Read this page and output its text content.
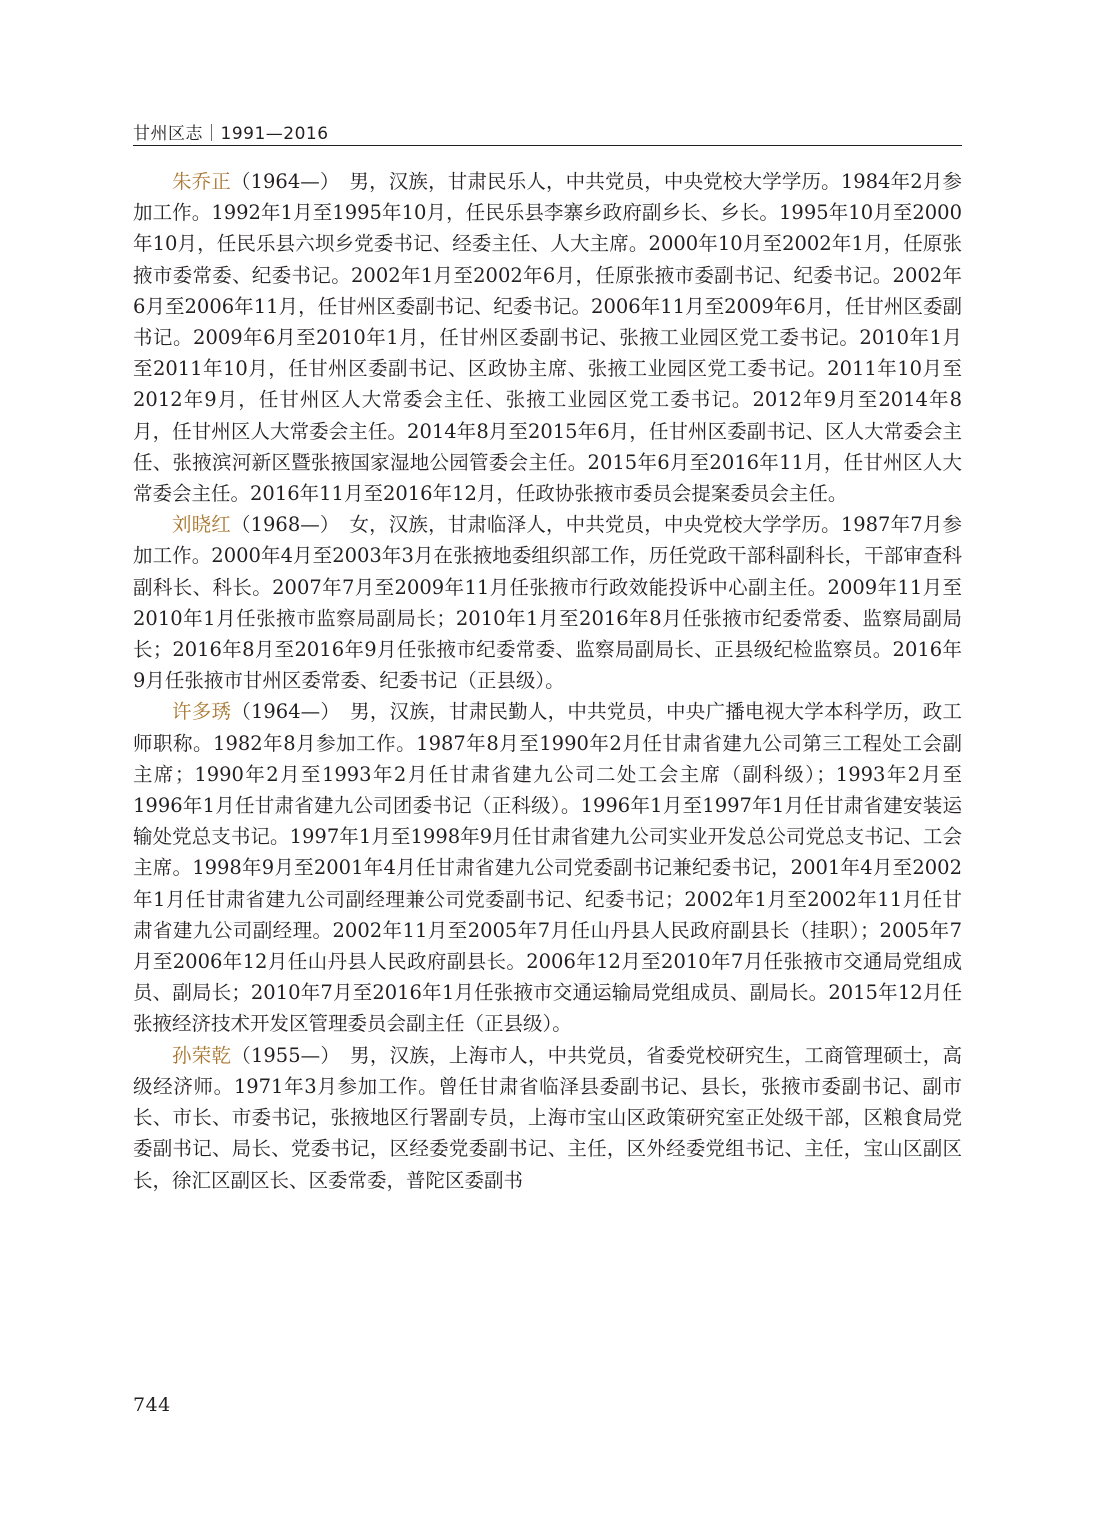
甘州区志｜1991—2016

朱乔正（1964—）　男，汉族，甘肃民乐人，中共党员，中央党校大学学历。1984年2月参加工作。1992年1月至1995年10月，任民乐县李寨乡政府副乡长、乡长。1995年10月至2000年10月，任民乐县六坝乡党委书记、经委主任、人大主席。2000年10月至2002年1月，任原张掖市委常委、纪委书记。2002年1月至2002年6月，任原张掖市委副书记、纪委书记。2002年6月至2006年11月，任甘州区委副书记、纪委书记。2006年11月至2009年6月，任甘州区委副书记。2009年6月至2010年1月，任甘州区委副书记、张掖工业园区党工委书记。2010年1月至2011年10月，任甘州区委副书记、区政协主席、张掖工业园区党工委书记。2011年10月至2012年9月，任甘州区人大常委会主任、张掖工业园区党工委书记。2012年9月至2014年8月，任甘州区人大常委会主任。2014年8月至2015年6月，任甘州区委副书记、区人大常委会主任、张掖滨河新区暨张掖国家湿地公园管委会主任。2015年6月至2016年11月，任甘州区人大常委会主任。2016年11月至2016年12月，任政协张掖市委员会提案委员会主任。

刘晓红（1968—）　女，汉族，甘肃临泽人，中共党员，中央党校大学学历。1987年7月参加工作。2000年4月至2003年3月在张掖地委组织部工作，历任党政干部科副科长，干部审查科副科长、科长。2007年7月至2009年11月任张掖市行政效能投诉中心副主任。2009年11月至2010年1月任张掖市监察局副局长；2010年1月至2016年8月任张掖市纪委常委、监察局副局长；2016年8月至2016年9月任张掖市纪委常委、监察局副局长、正县级纪检监察员。2016年9月任张掖市甘州区委常委、纪委书记（正县级）。

许多琇（1964—）　男，汉族，甘肃民勤人，中共党员，中央广播电视大学本科学历，政工师职称。1982年8月参加工作。1987年8月至1990年2月任甘肃省建九公司第三工程处工会副主席；1990年2月至1993年2月任甘肃省建九公司二处工会主席（副科级）；1993年2月至1996年1月任甘肃省建九公司团委书记（正科级）。1996年1月至1997年1月任甘肃省建安装运输处党总支书记。1997年1月至1998年9月任甘肃省建九公司实业开发总公司党总支书记、工会主席。1998年9月至2001年4月任甘肃省建九公司党委副书记兼纪委书记，2001年4月至2002年1月任甘肃省建九公司副经理兼公司党委副书记、纪委书记；2002年1月至2002年11月任甘肃省建九公司副经理。2002年11月至2005年7月任山丹县人民政府副县长（挂职）；2005年7月至2006年12月任山丹县人民政府副县长。2006年12月至2010年7月任张掖市交通局党组成员、副局长；2010年7月至2016年1月任张掖市交通运输局党组成员、副局长。2015年12月任张掖经济技术开发区管理委员会副主任（正县级）。

孙荣乾（1955—）　男，汉族，上海市人，中共党员，省委党校研究生，工商管理硕士，高级经济师。1971年3月参加工作。曾任甘肃省临泽县委副书记、县长，张掖市委副书记、副市长、市长、市委书记，张掖地区行署副专员，上海市宝山区政策研究室正处级干部，区粮食局党委副书记、局长、党委书记，区经委党委副书记、主任，区外经委党组书记、主任，宝山区副区长，徐汇区副区长、区委常委，普陀区委副书

744
